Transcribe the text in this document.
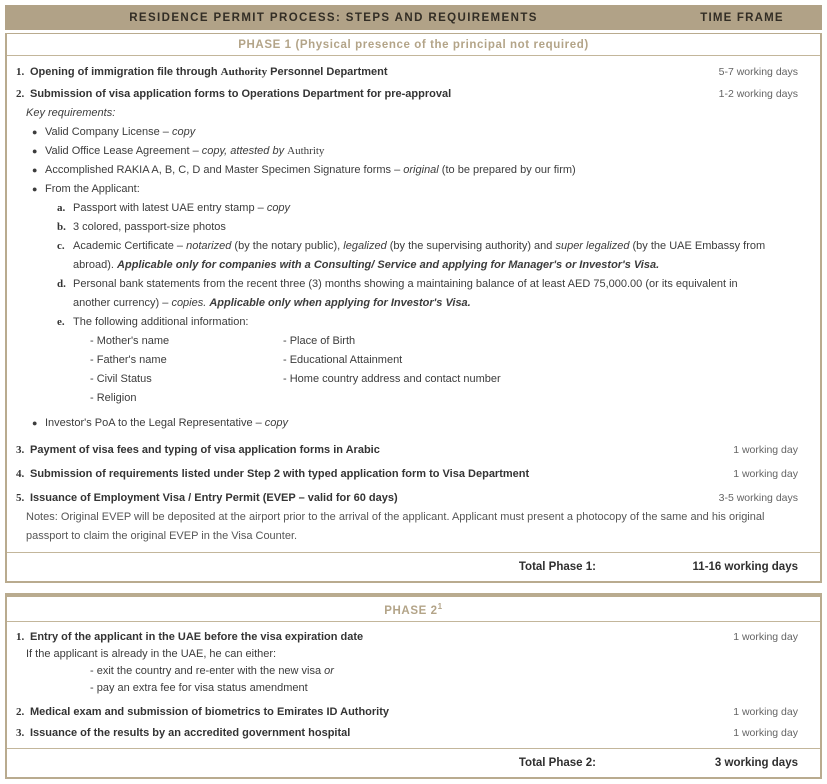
RESIDENCE PERMIT PROCESS: STEPS AND REQUIREMENTS	TIME FRAME
PHASE 1 (Physical presence of the principal not required)
1. Opening of immigration file through Authority Personnel Department	5-7 working days
2. Submission of visa application forms to Operations Department for pre-approval	1-2 working days
Key requirements:
● Valid Company License – copy
● Valid Office Lease Agreement – copy, attested by Authrity
● Accomplished RAKIA A, B, C, D and Master Specimen Signature forms – original (to be prepared by our firm)
● From the Applicant:
a. Passport with latest UAE entry stamp – copy
b. 3 colored, passport-size photos
c. Academic Certificate – notarized (by the notary public), legalized (by the supervising authority) and super legalized (by the UAE Embassy from abroad). Applicable only for companies with a Consulting/ Service and applying for Manager's or Investor's Visa.
d. Personal bank statements from the recent three (3) months showing a maintaining balance of at least AED 75,000.00 (or its equivalent in another currency) – copies. Applicable only when applying for Investor's Visa.
e. The following additional information:
- Mother's name	- Place of Birth
- Father's name	- Educational Attainment
- Civil Status	- Home country address and contact number
- Religion
● Investor's PoA to the Legal Representative – copy
3. Payment of visa fees and typing of visa application forms in Arabic	1 working day
4. Submission of requirements listed under Step 2 with typed application form to Visa Department	1 working day
5. Issuance of Employment Visa / Entry Permit (EVEP – valid for 60 days)	3-5 working days
Notes: Original EVEP will be deposited at the airport prior to the arrival of the applicant. Applicant must present a photocopy of the same and his original passport to claim the original EVEP in the Visa Counter.
Total Phase 1:	11-16 working days
PHASE $2^1$
1. Entry of the applicant in the UAE before the visa expiration date	1 working day
If the applicant is already in the UAE, he can either:
- exit the country and re-enter with the new visa or
- pay an extra fee for visa status amendment
2. Medical exam and submission of biometrics to Emirates ID Authority	1 working day
3. Issuance of the results by an accredited government hospital	1 working day
Total Phase 2:	3 working days
